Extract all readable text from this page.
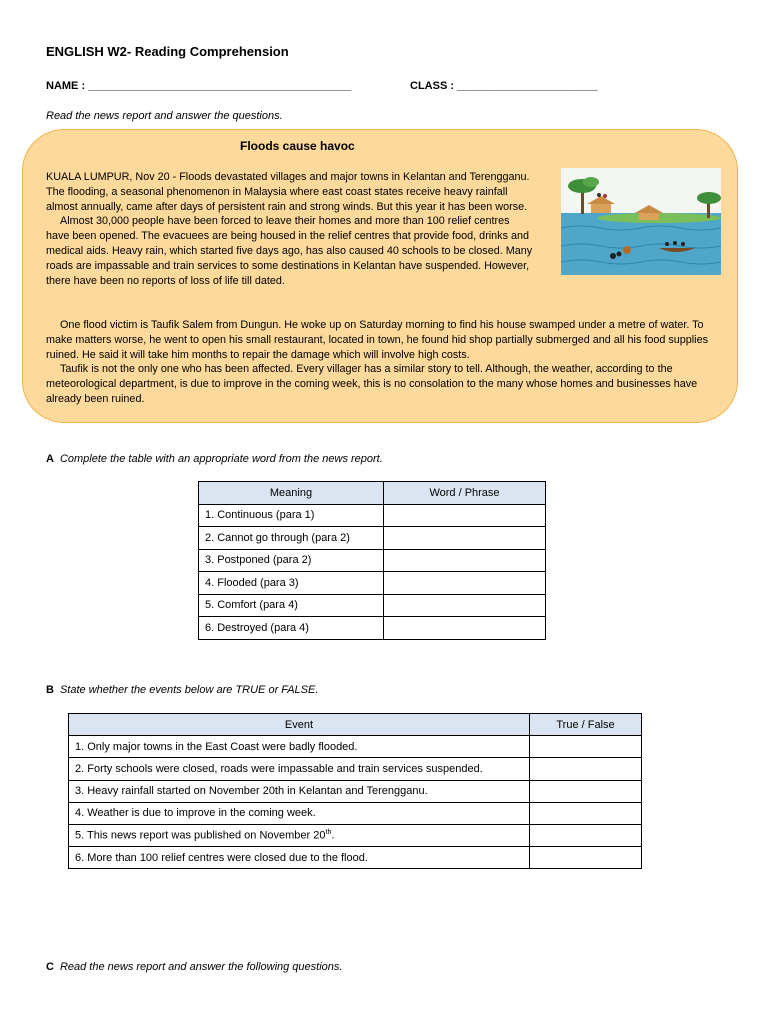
ENGLISH W2- Reading Comprehension
NAME : ___________________________________________	CLASS : _______________________
Read the news report and answer the questions.
Floods cause havoc

KUALA LUMPUR, Nov 20 - Floods devastated villages and major towns in Kelantan and Terengganu.

The flooding, a seasonal phenomenon in Malaysia where east coast states receive heavy rainfall almost annually, came after days of persistent rain and strong winds. But this year it has been worse.

Almost 30,000 people have been forced to leave their homes and more than 100 relief centres have been opened. The evacuees are being housed in the relief centres that provide food, drinks and medical aids. Heavy rain, which started five days ago, has also caused 40 schools to be closed. Many roads are impassable and train services to some destinations in Kelantan have suspended. However, there have been no reports of loss of life till dated.

One flood victim is Taufik Salem from Dungun. He woke up on Saturday morning to find his house swamped under a metre of water. To make matters worse, he went to open his small restaurant, located in town, he found hid shop partially submerged and all his food supplies ruined. He said it will take him months to repair the damage which will involve high costs.

Taufik is not the only one who has been affected. Every villager has a similar story to tell. Although, the weather, according to the meteorological department, is due to improve in the coming week, this is no consolation to the many whose homes and businesses have already been ruined.

A Complete the table with an appropriate word from the news report.
Meaning	Word / Phrase
1. Continuous (para 1)	
2. Cannot go through (para 2)	
3. Postponed (para 2)	
4. Flooded (para 3)	
5. Comfort (para 4)	
6. Destroyed (para 4)	
B State whether the events below are TRUE or FALSE.
Event	True / False
1. Only major towns in the East Coast were badly flooded.	
2. Forty schools were closed, roads were impassable and train services suspended.	
3. Heavy rainfall started on November 20th in Kelantan and Terengganu.	
4. Weather is due to improve in the coming week.	
5. This news report was published on November 20th.	
6. More than 100 relief centres were closed due to the flood.	
C Read the news report and answer the following questions.
